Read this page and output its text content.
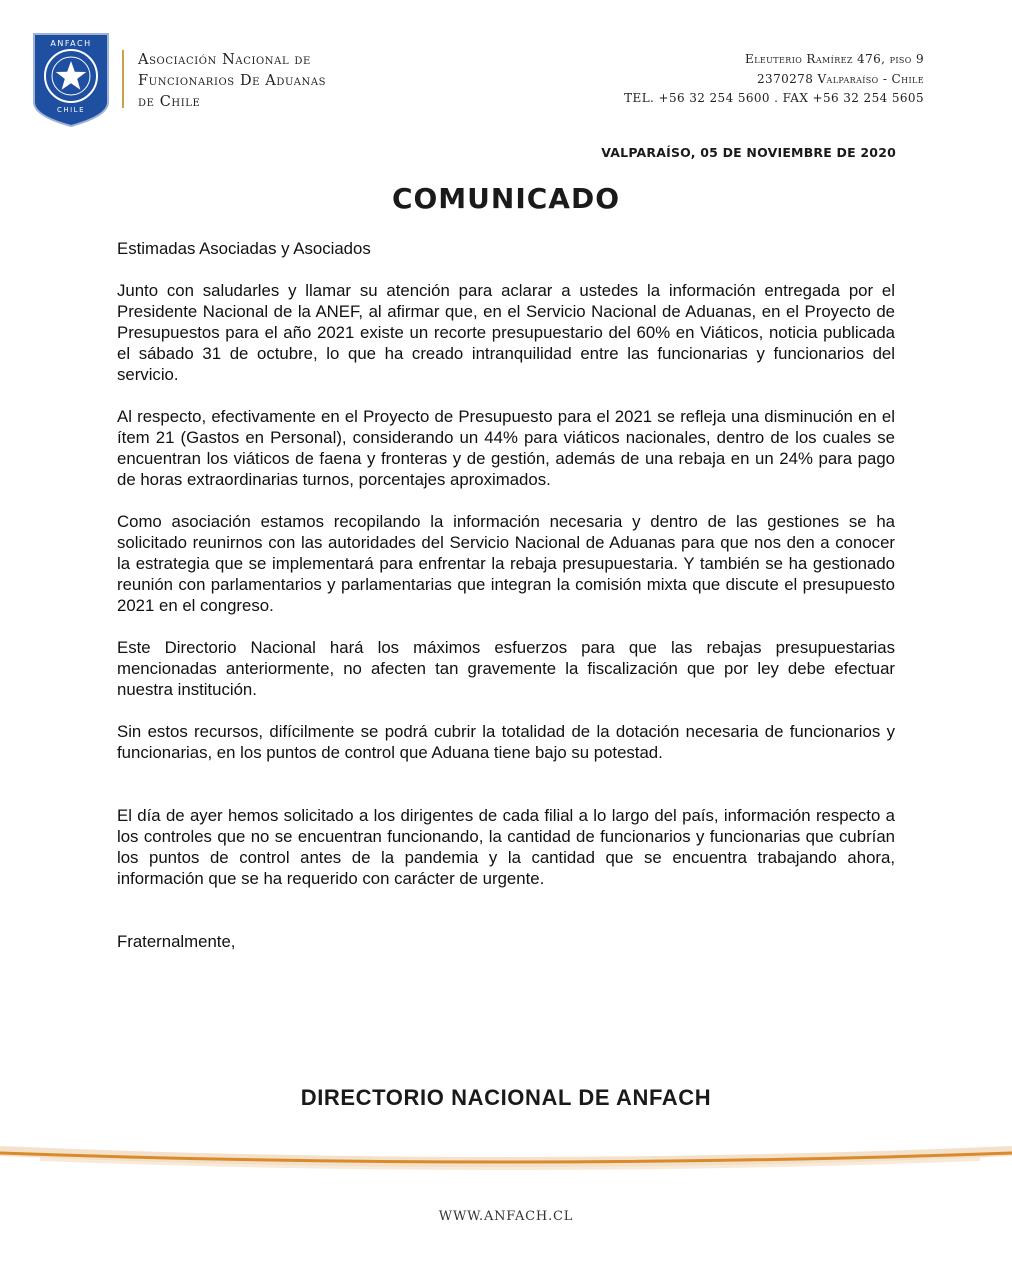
ANFACH
CHILE
Asociación Nacional de
Funcionarios De Aduanas
de Chile
Eleuterio Ramírez 476, piso 9
2370278 Valparaíso - Chile
TEL. +56 32 254 5600 . FAX +56 32 254 5605
VALPARAÍSO, 05 DE NOVIEMBRE DE 2020
COMUNICADO

Estimadas Asociadas y Asociados

Junto con saludarles y llamar su atención para aclarar a ustedes la información entregada por el Presidente Nacional de la ANEF, al afirmar que, en el Servicio Nacional de Aduanas, en el Proyecto de Presupuestos para el año 2021 existe un recorte presupuestario del 60% en Viáticos, noticia publicada el sábado 31 de octubre, lo que ha creado intranquilidad entre las funcionarias y funcionarios del servicio.

Al respecto, efectivamente en el Proyecto de Presupuesto para el 2021 se refleja una disminución en el ítem 21 (Gastos en Personal), considerando un 44% para viáticos nacionales, dentro de los cuales se encuentran los viáticos de faena y fronteras y de gestión, además de una rebaja en un 24% para pago de horas extraordinarias turnos, porcentajes aproximados.

Como asociación estamos recopilando la información necesaria y dentro de las gestiones se ha solicitado reunirnos con las autoridades del Servicio Nacional de Aduanas para que nos den a conocer la estrategia que se implementará para enfrentar la rebaja presupuestaria. Y también se ha gestionado reunión con parlamentarios y parlamentarias que integran la comisión mixta que discute el presupuesto 2021 en el congreso.

Este Directorio Nacional hará los máximos esfuerzos para que las rebajas presupuestarias mencionadas anteriormente, no afecten tan gravemente la fiscalización que por ley debe efectuar nuestra institución.

Sin estos recursos, difícilmente se podrá cubrir la totalidad de la dotación necesaria de funcionarios y funcionarias, en los puntos de control que Aduana tiene bajo su potestad.

El día de ayer hemos solicitado a los dirigentes de cada filial a lo largo del país, información respecto a los controles que no se encuentran funcionando, la cantidad de funcionarios y funcionarias que cubrían los puntos de control antes de la pandemia y la cantidad que se encuentra trabajando ahora, información que se ha requerido con carácter de urgente.

Fraternalmente,

DIRECTORIO NACIONAL DE ANFACH
WWW.ANFACH.CL
